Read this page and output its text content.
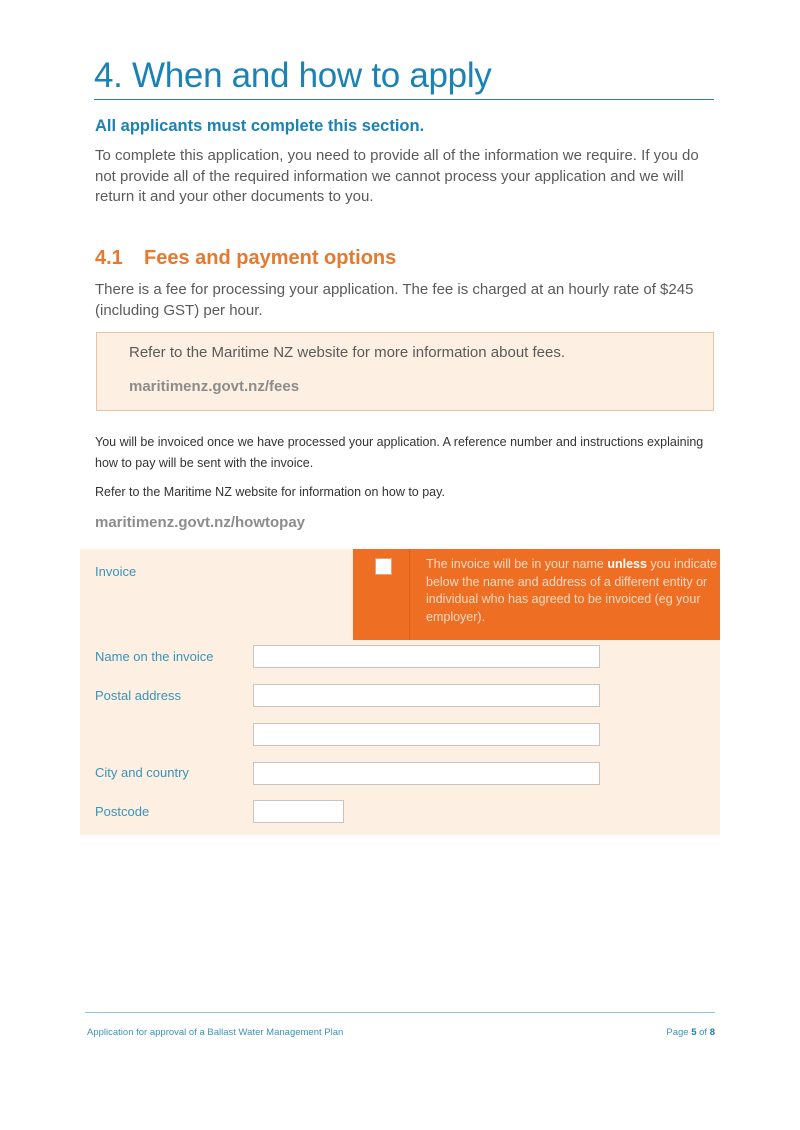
4. When and how to apply

All applicants must complete this section.

To complete this application, you need to provide all of the information we require. If you do not provide all of the required information we cannot process your application and we will return it and your other documents to you.

4.1 Fees and payment options

There is a fee for processing your application. The fee is charged at an hourly rate of $245 (including GST) per hour.

Refer to the Maritime NZ website for more information about fees.

maritimenz.govt.nz/fees

You will be invoiced once we have processed your application. A reference number and instructions explaining how to pay will be sent with the invoice.

Refer to the Maritime NZ website for information on how to pay.

maritimenz.govt.nz/howtopay

Invoice	The invoice will be in your name unless you indicate below the name and address of a different entity or individual who has agreed to be invoiced (eg your employer).

Name on the invoice

Postal address

City and country

Postcode

Application for approval of a Ballast Water Management Plan	Page 5 of 8
